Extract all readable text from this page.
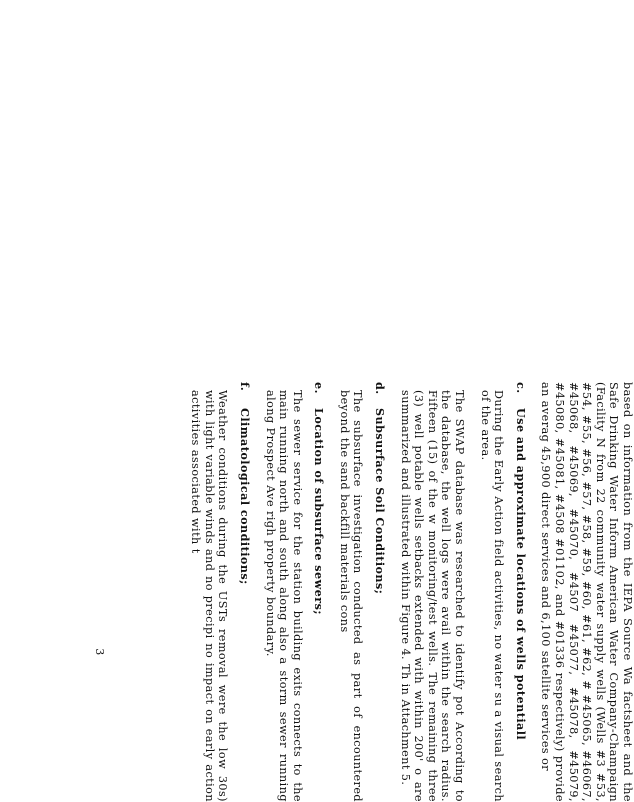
based on information from the IEPA Source Wa factsheet and the Safe Drinking Water Inform American Water Company-Champaign (Facility N from 22 community water supply wells (Wells #3 #53, #54, #55, #56, #57, #58, #59, #60, #61, #62, # #45065, #46067, #45068, #45069, #45070, #4507 #45077, #45078, #45079, #45080, #45081, #4508 #01102, and #01336 respectively) provide an averag 45,900 direct services and 6,100 satellite services or
c.
Use and approximate locations of wells potentiall

During the Early Action field activities, no water su a visual search of the area.

The SWAP database was researched to identify pot According to the database, the well logs were avail within the search radius. Fifteen (15) of the w monitoring/test wells. The remaining three (3) well potable wells setbacks extended with within 200' o are summarized and illustrated within Figure 4. Th in Attachment 5.

d.
Subsurface Soil Conditions;

The subsurface investigation conducted as part of encountered beyond the sand backfill materials cons

e.
Location of subsurface sewers;

The sewer service for the station building exits connects to the main running north and south along also a storm sewer running along Prospect Ave righ property boundary.

f.
Climatological conditions;

Weather conditions during the USTs removal were the low 30s) with light variable winds and no precipi no impact on early action activities associated with t

3
